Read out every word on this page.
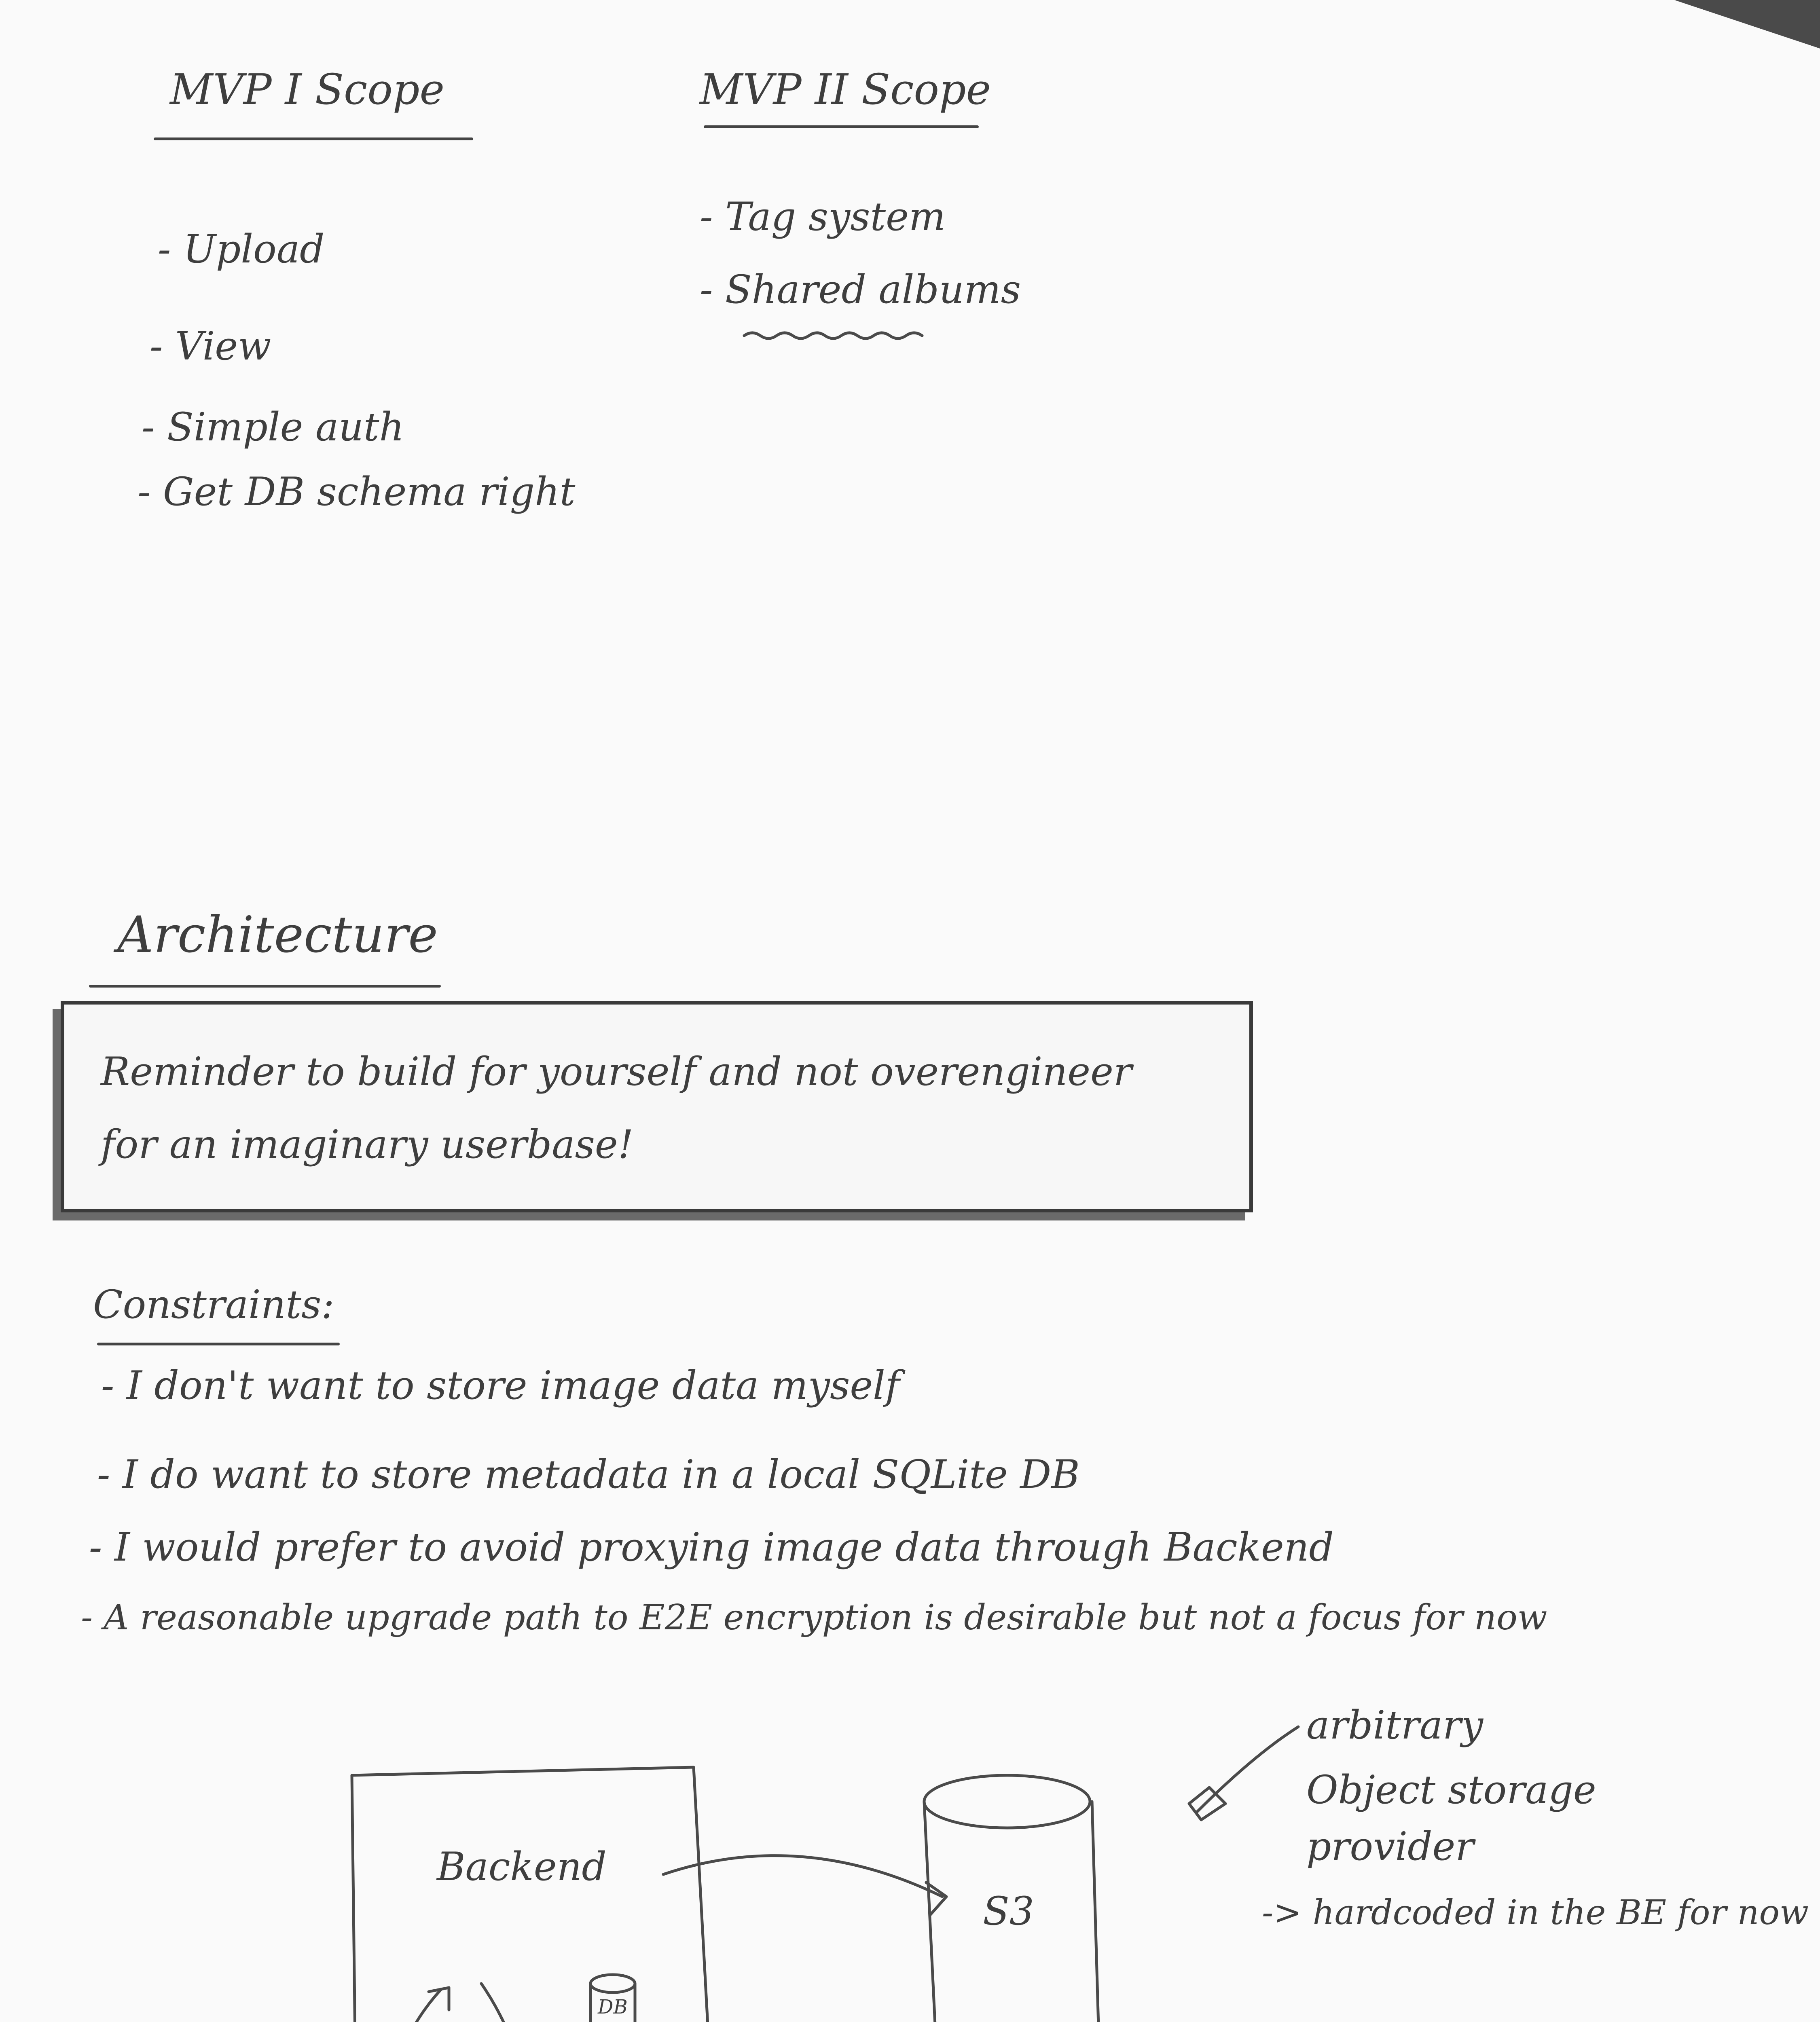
MVP I Scope
- Upload
- View
- Simple auth
- Get DB schema right
MVP II Scope
- Tag system
- Shared albums
Architecture
Reminder to build for yourself and not overengineer
for an imaginary userbase!
Constraints:
- I don't want to store image data myself
- I do want to store metadata in a local SQLite DB
- I would prefer to avoid proxying image data through Backend
- A reasonable upgrade path to E2E encryption is desirable but not a focus for now
Backend
DB
S3
arbitrary
Object storage
provider
-> hardcoded in the BE for now
